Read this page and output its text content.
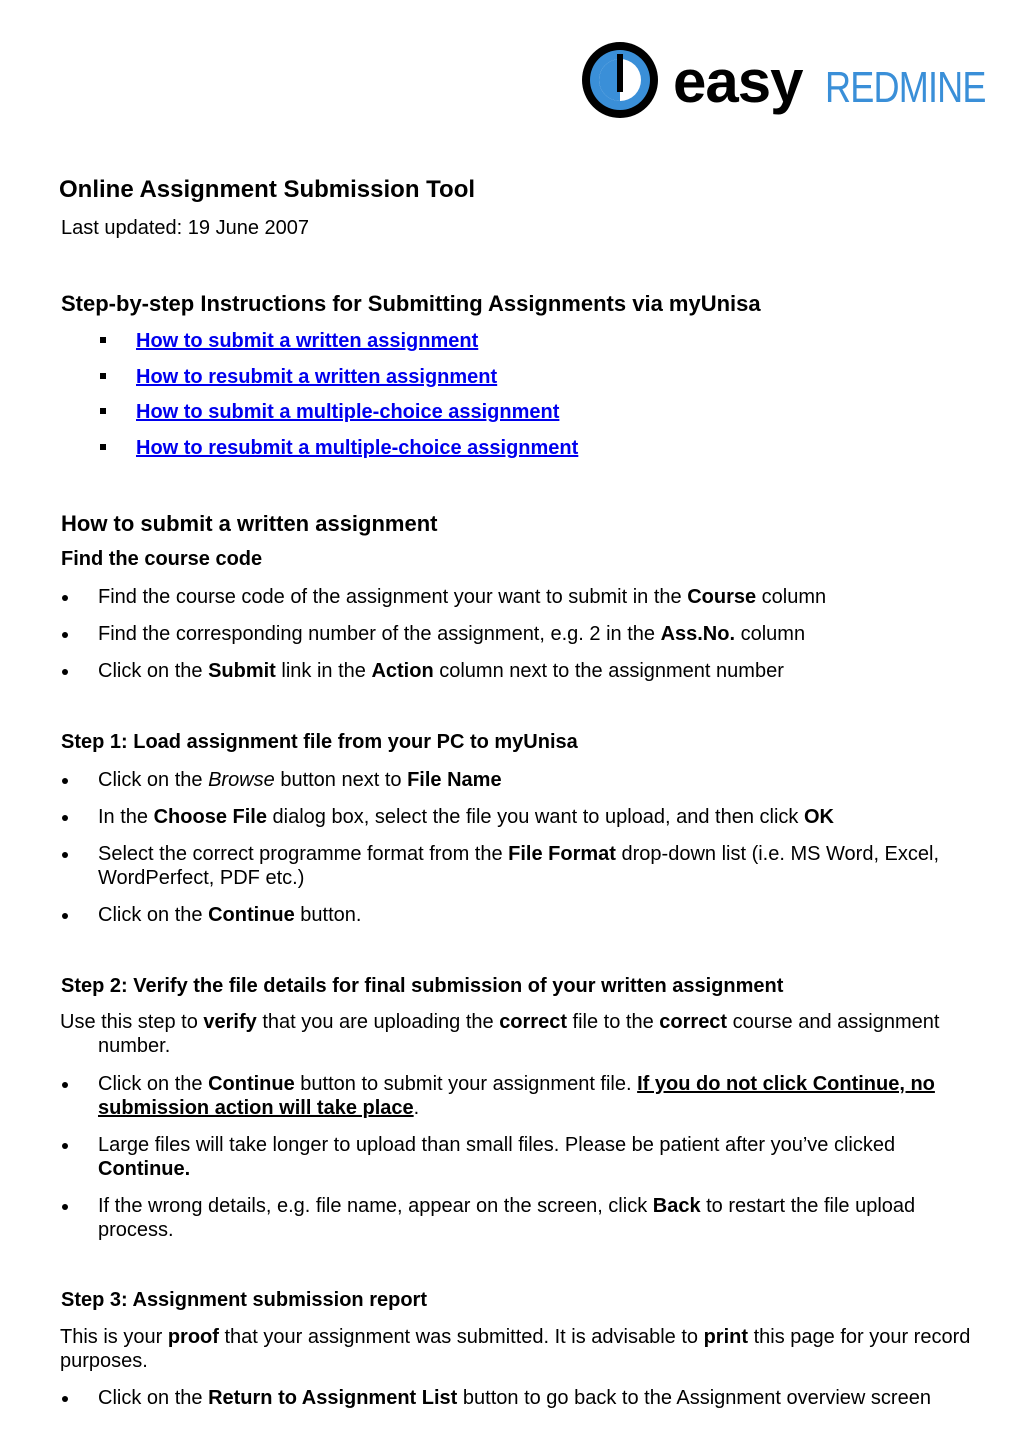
easy REDMINE
Online Assignment Submission Tool
Last updated: 19 June 2007
Step-by-step Instructions for Submitting Assignments via myUnisa
How to submit a written assignment
How to resubmit a written assignment
How to submit a multiple-choice assignment
How to resubmit a multiple-choice assignment
How to submit a written assignment
Find the course code
Find the course code of the assignment your want to submit in the Course column
Find the corresponding number of the assignment, e.g. 2 in the Ass.No. column
Click on the Submit link in the Action column next to the assignment number
Step 1: Load assignment file from your PC to myUnisa
Click on the Browse button next to File Name
In the Choose File dialog box, select the file you want to upload, and then click OK
Select the correct programme format from the File Format drop-down list (i.e. MS Word, Excel, WordPerfect, PDF etc.)
Click on the Continue button.
Step 2: Verify the file details for final submission of your written assignment
Use this step to verify that you are uploading the correct file to the correct course and assignment
number.
Click on the Continue button to submit your assignment file. If you do not click Continue, no submission action will take place.
Large files will take longer to upload than small files. Please be patient after you’ve clicked Continue.
If the wrong details, e.g. file name, appear on the screen, click Back to restart the file upload process.
Step 3: Assignment submission report
This is your proof that your assignment was submitted. It is advisable to print this page for your record purposes.
Click on the Return to Assignment List button to go back to the Assignment overview screen
